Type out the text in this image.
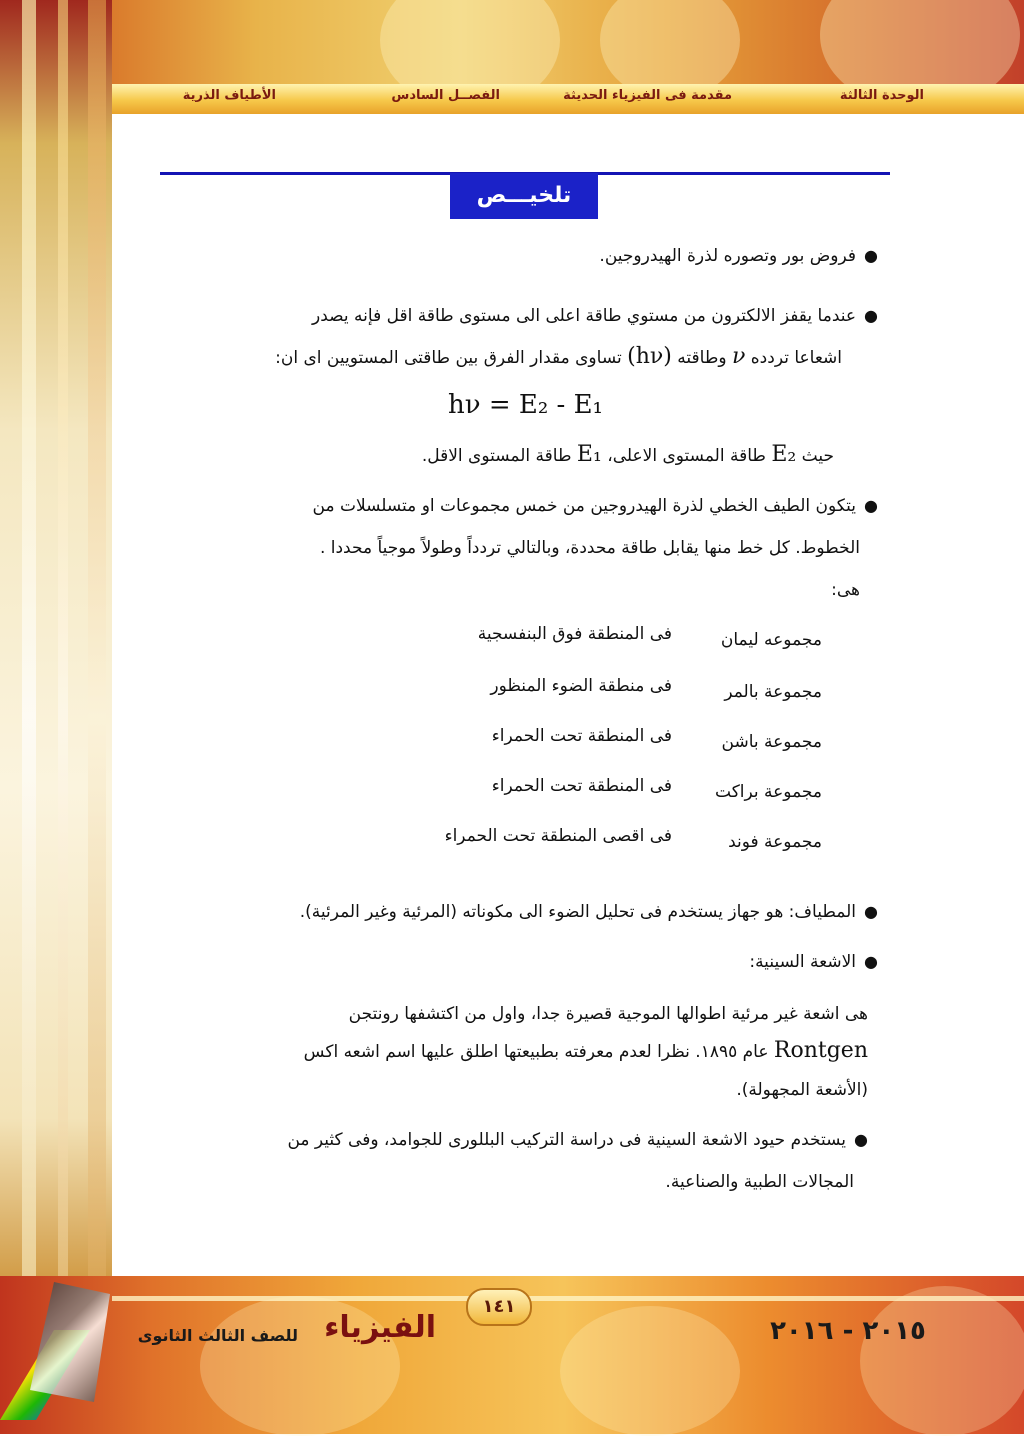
الوحدة الثالثة
مقدمة فى الفيزياء الحديثة
الفصــل السادس
الأطياف الذرية
تلخيـــص
●فروض بور وتصوره لذرة الهيدروجين.
●عندما يقفز الالكترون من مستوي طاقة اعلى الى مستوى طاقة اقل فإنه يصدر
اشعاعا تردده ν وطاقته (hν) تساوى مقدار الفرق بين طاقتى المستويين اى ان:
hν = E₂ - E₁
حيث E₂ طاقة المستوى الاعلى، E₁ طاقة المستوى الاقل.
●يتكون الطيف الخطي لذرة الهيدروجين من خمس مجموعات او متسلسلات من
الخطوط. كل خط منها يقابل طاقة محددة، وبالتالي تردداً وطولاً موجياً محددا .
هى:
مجموعه ليمان
فى المنطقة فوق البنفسجية
مجموعة بالمر
فى منطقة الضوء المنظور
مجموعة باشن
فى المنطقة تحت الحمراء
مجموعة براكت
فى المنطقة تحت الحمراء
مجموعة فوند
فى اقصى المنطقة تحت الحمراء
●المطياف: هو جهاز يستخدم فى تحليل الضوء الى مكوناته (المرئية وغير المرئية).
●الاشعة السينية:
هى اشعة غير مرئية اطوالها الموجية قصيرة جدا، واول من اكتشفها رونتجن
Rontgen عام ١٨٩٥. نظرا لعدم معرفته بطبيعتها اطلق عليها اسم اشعه اكس
(الأشعة المجهولة).
●يستخدم حيود الاشعة السينية فى دراسة التركيب البللورى للجوامد، وفى كثير من
المجالات الطبية والصناعية.
١٤١
الفيزياء
للصف الثالث الثانوى	٢٠١٥ - ٢٠١٦
